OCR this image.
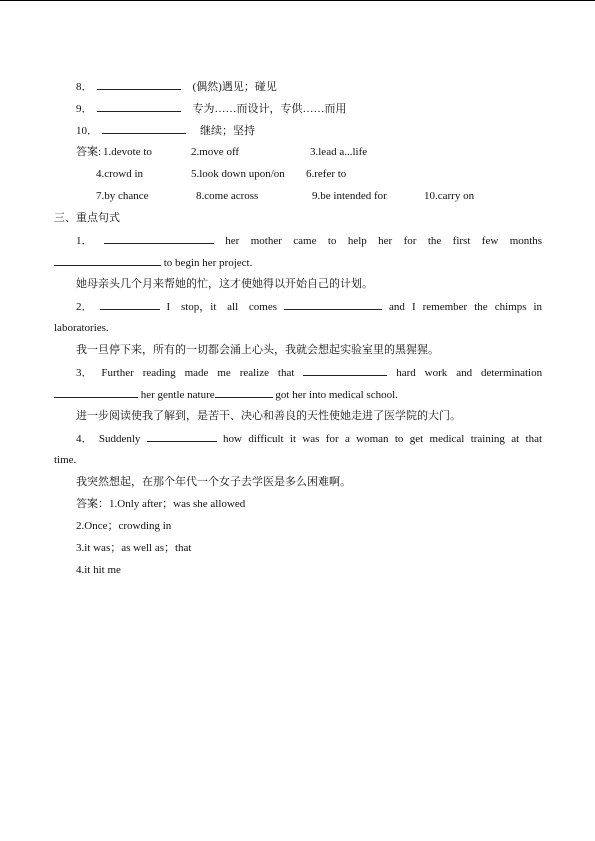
8．	(偶然)遇见；碰见
9．	专为……而设计，专供……而用
10．	继续；坚持
答案: 1.devote to	2.move off	3.lead a...life
4.crowd in	5.look down upon/on 6.refer to
7.by chance	8.come across	9.be intended for	10.carry on
三、重点句式
1．	her mother came to help her for the first few months
to begin her project.
她母亲头几个月来帮她的忙，这才使她得以开始自己的计划。
2．	I stop，it all comes	and I remember the chimps in
laboratories.
我一旦停下来，所有的一切都会涌上心头，我就会想起实验室里的黑猩猩。
3． Further reading made me realize that	hard work and determination
her gentle nature	got her into medical school.
进一步阅读使我了解到，是苦干、决心和善良的天性使她走进了医学院的大门。
4． Suddenly	how difficult it was for a woman to get medical training at that
time.
我突然想起，在那个年代一个女子去学医是多么困难啊。
答案：1.Only after；was she allowed
2.Once；crowding in
3.it was；as well as；that
4.it hit me
